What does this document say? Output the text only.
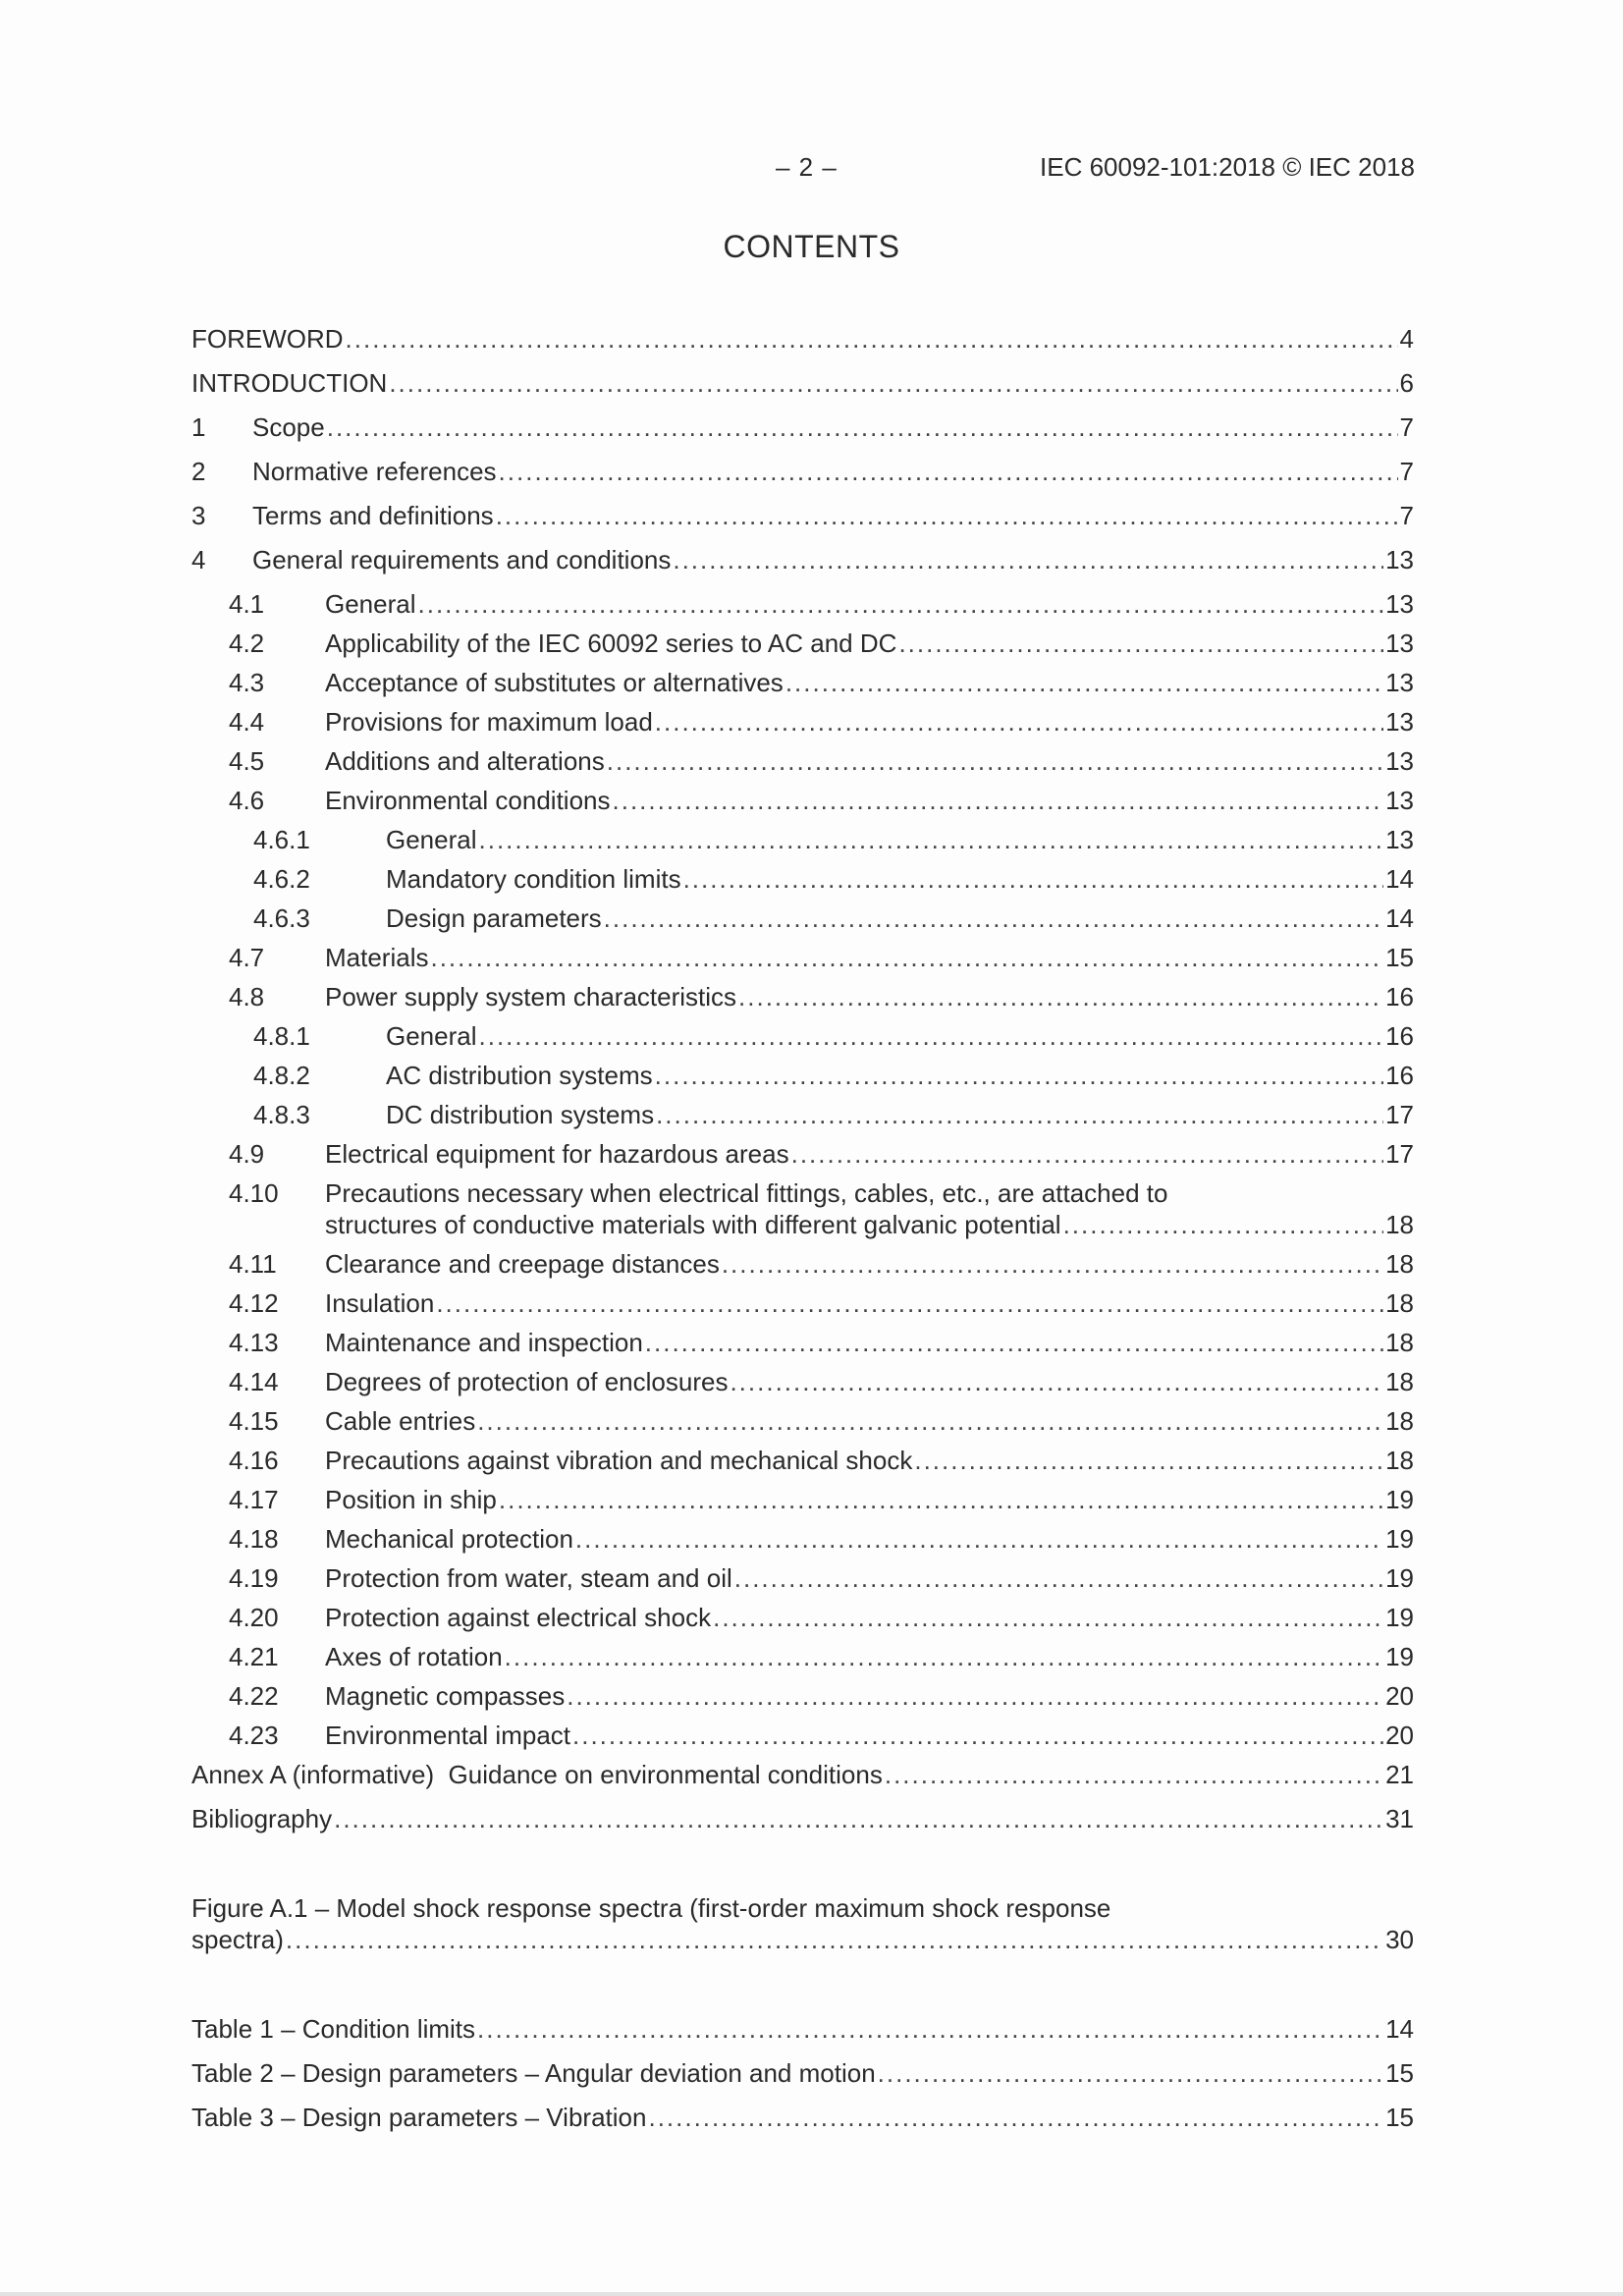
– 2 –	IEC 60092-101:2018 © IEC 2018
CONTENTS
FOREWORD .....	4
INTRODUCTION .....	6
1	Scope .....	7
2	Normative references .....	7
3	Terms and definitions .....	7
4	General requirements and conditions .....	13
4.1	General .....	13
4.2	Applicability of the IEC 60092 series to AC and DC .....	13
4.3	Acceptance of substitutes or alternatives .....	13
4.4	Provisions for maximum load .....	13
4.5	Additions and alterations .....	13
4.6	Environmental conditions .....	13
4.6.1	General .....	13
4.6.2	Mandatory condition limits .....	14
4.6.3	Design parameters .....	14
4.7	Materials .....	15
4.8	Power supply system characteristics .....	16
4.8.1	General .....	16
4.8.2	AC distribution systems .....	16
4.8.3	DC distribution systems .....	17
4.9	Electrical equipment for hazardous areas .....	17
4.10 Precautions necessary when electrical fittings, cables, etc., are attached to
structures of conductive materials with different galvanic potential .....	18
4.11	Clearance and creepage distances .....	18
4.12	Insulation .....	18
4.13	Maintenance and inspection .....	18
4.14	Degrees of protection of enclosures .....	18
4.15	Cable entries .....	18
4.16	Precautions against vibration and mechanical shock .....	18
4.17	Position in ship .....	19
4.18	Mechanical protection .....	19
4.19	Protection from water, steam and oil .....	19
4.20	Protection against electrical shock .....	19
4.21	Axes of rotation .....	19
4.22	Magnetic compasses .....	20
4.23	Environmental impact .....	20
Annex A (informative)  Guidance on environmental conditions .....	21
Bibliography .....	31
Figure A.1 – Model shock response spectra (first-order maximum shock response
spectra) .....	30
Table 1 – Condition limits .....	14
Table 2 – Design parameters – Angular deviation and motion .....	15
Table 3 – Design parameters – Vibration .....	15
